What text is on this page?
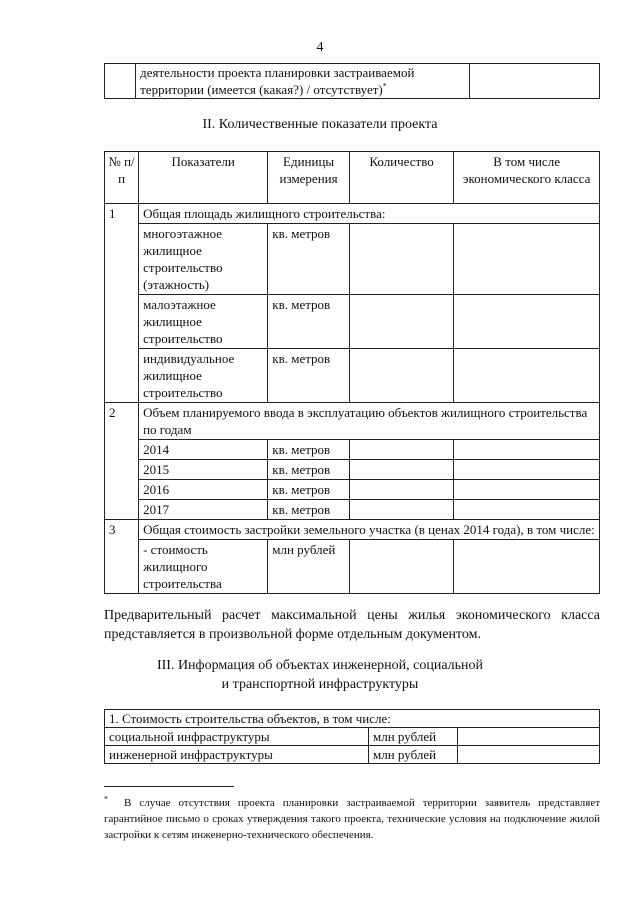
4

деятельности проекта планировки застраиваемой
территории (имеется (какая?) / отсутствует)*

II. Количественные показатели проекта
№ п/п	Показатели	Единицы измерения	Количество	В том числе экономического класса
1	Общая площадь жилищного строительства:			
	многоэтажное жилищное строительство (этажность)	кв. метров		
	малоэтажное жилищное строительство	кв. метров		
	индивидуальное жилищное строительство	кв. метров		
2	Объем планируемого ввода в эксплуатацию объектов жилищного строительства по годам			
	2014	кв. метров		
	2015	кв. метров		
	2016	кв. метров		
	2017	кв. метров		
3	Общая стоимость застройки земельного участка (в ценах 2014 года), в том числе:			
	- стоимость жилищного строительства	млн рублей		
Предварительный расчет максимальной цены жилья экономического класса представляется в произвольной форме отдельным документом.
III. Информация об объектах инженерной, социальной
и транспортной инфраструктуры
1. Стоимость строительства объектов, в том числе:		
социальной инфраструктуры	млн рублей	
инженерной инфраструктуры	млн рублей	
* В случае отсутствия проекта планировки застраиваемой территории заявитель представляет гарантийное письмо о сроках утверждения такого проекта, технические условия на подключение жилой застройки к сетям инженерно-технического обеспечения.
